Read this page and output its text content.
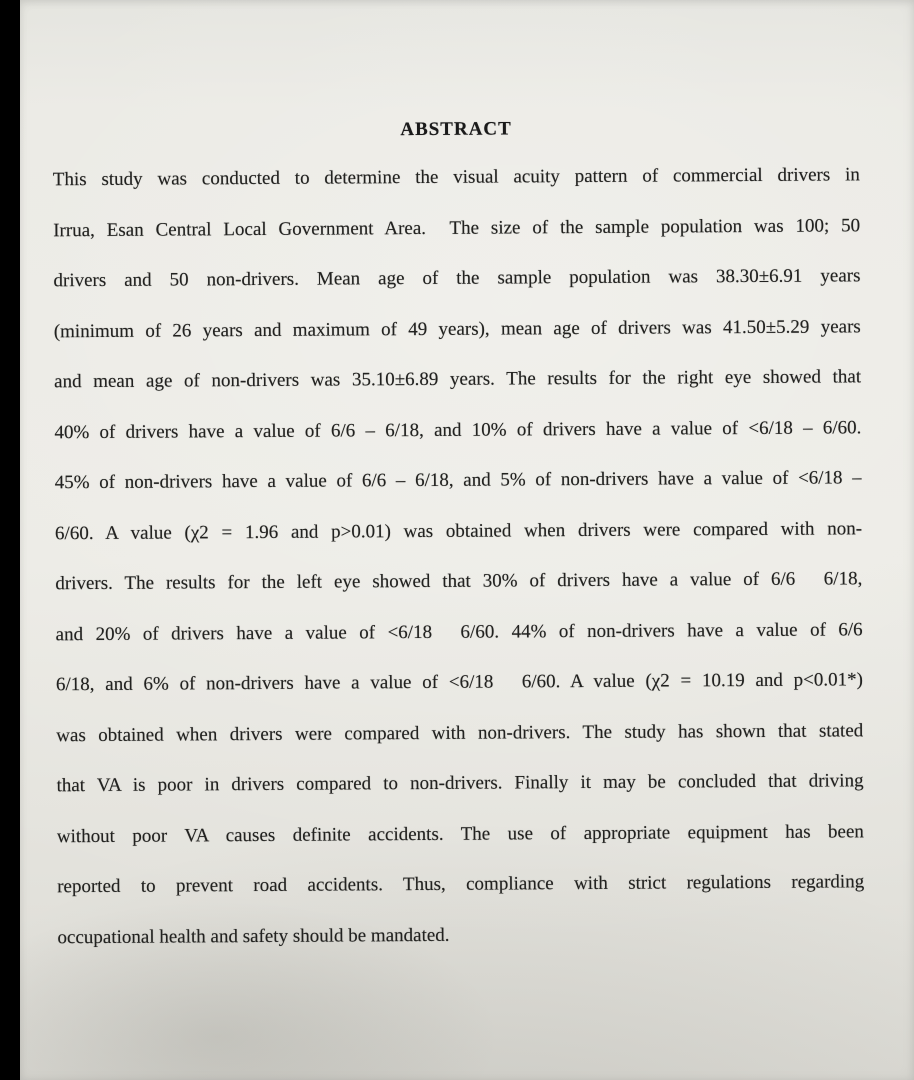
ABSTRACT

This study was conducted to determine the visual acuity pattern of commercial drivers in

Irrua, Esan Central Local Government Area.  The size of the sample population was 100; 50

drivers and 50 non-drivers. Mean age of the sample population was 38.30±6.91 years

(minimum of 26 years and maximum of 49 years), mean age of drivers was 41.50±5.29 years

and mean age of non-drivers was 35.10±6.89 years. The results for the right eye showed that

40% of drivers have a value of 6/6 – 6/18, and 10% of drivers have a value of <6/18 – 6/60.

45% of non-drivers have a value of 6/6 – 6/18, and 5% of non-drivers have a value of <6/18 –

6/60. A value (χ2 = 1.96 and p>0.01) was obtained when drivers were compared with non-

drivers. The results for the left eye showed that 30% of drivers have a value of 6/6  6/18,

and 20% of drivers have a value of <6/18  6/60. 44% of non-drivers have a value of 6/6

6/18, and 6% of non-drivers have a value of <6/18  6/60. A value (χ2 = 10.19 and p<0.01*)

was obtained when drivers were compared with non-drivers. The study has shown that stated

that VA is poor in drivers compared to non-drivers. Finally it may be concluded that driving

without poor VA causes definite accidents. The use of appropriate equipment has been

reported to prevent road accidents. Thus, compliance with strict regulations regarding

occupational health and safety should be mandated.
